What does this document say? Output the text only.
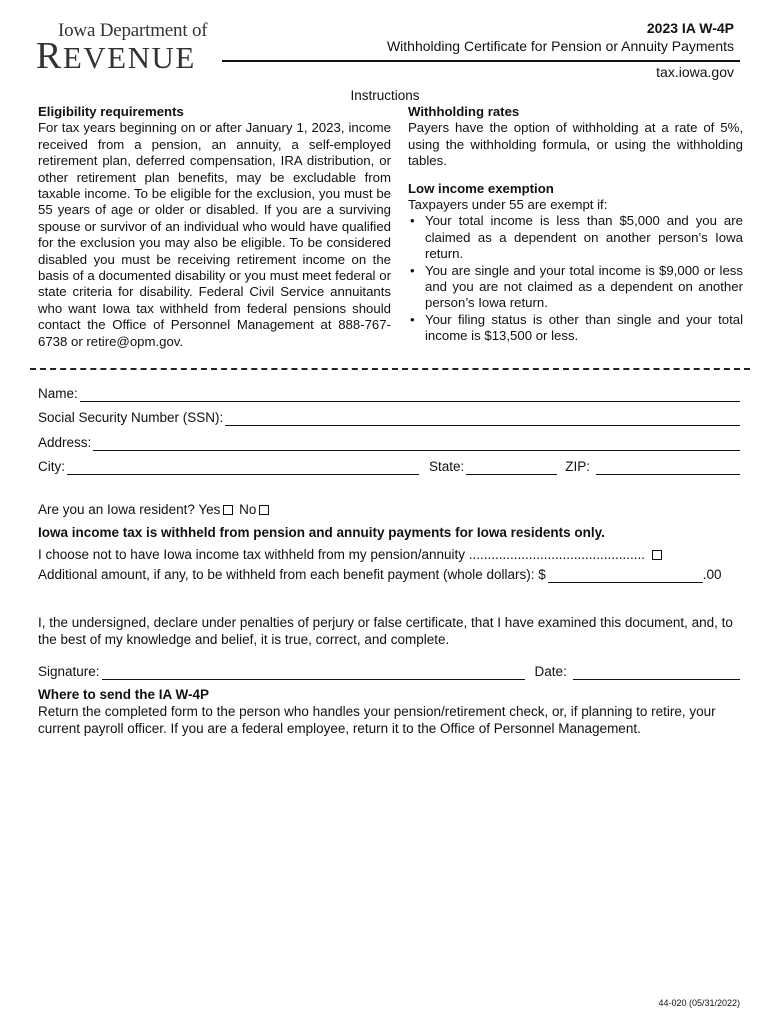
Iowa Department of
REVENUE
2023 IA W-4P
Withholding Certificate for Pension or Annuity Payments
tax.iowa.gov
Instructions
Eligibility requirements
For tax years beginning on or after January 1, 2023, income received from a pension, an annuity, a self-employed retirement plan, deferred compensation, IRA distribution, or other retirement plan benefits, may be excludable from taxable income. To be eligible for the exclusion, you must be 55 years of age or older or disabled. If you are a surviving spouse or survivor of an individual who would have qualified for the exclusion you may also be eligible. To be considered disabled you must be receiving retirement income on the basis of a documented disability or you must meet federal or state criteria for disability. Federal Civil Service annuitants who want Iowa tax withheld from federal pensions should contact the Office of Personnel Management at 888-767-6738 or retire@opm.gov.
Withholding rates
Payers have the option of withholding at a rate of 5%, using the withholding formula, or using the withholding tables.
Low income exemption
Taxpayers under 55 are exempt if:
• Your total income is less than $5,000 and you are claimed as a dependent on another person’s Iowa return.
• You are single and your total income is $9,000 or less and you are not claimed as a dependent on another person’s Iowa return.
• Your filing status is other than single and your total income is $13,500 or less.
Name:
Social Security Number (SSN):
Address:
City:	State:	ZIP:
Are you an Iowa resident? Yes No
Iowa income tax is withheld from pension and annuity payments for Iowa residents only.
I choose not to have Iowa income tax withheld from my pension/annuity ...............................................
Additional amount, if any, to be withheld from each benefit payment (whole dollars): $	.00
I, the undersigned, declare under penalties of perjury or false certificate, that I have examined this document, and, to the best of my knowledge and belief, it is true, correct, and complete.
Signature:	Date:
Where to send the IA W-4P
Return the completed form to the person who handles your pension/retirement check, or, if planning to retire, your current payroll officer. If you are a federal employee, return it to the Office of Personnel Management.
44-020 (05/31/2022)
